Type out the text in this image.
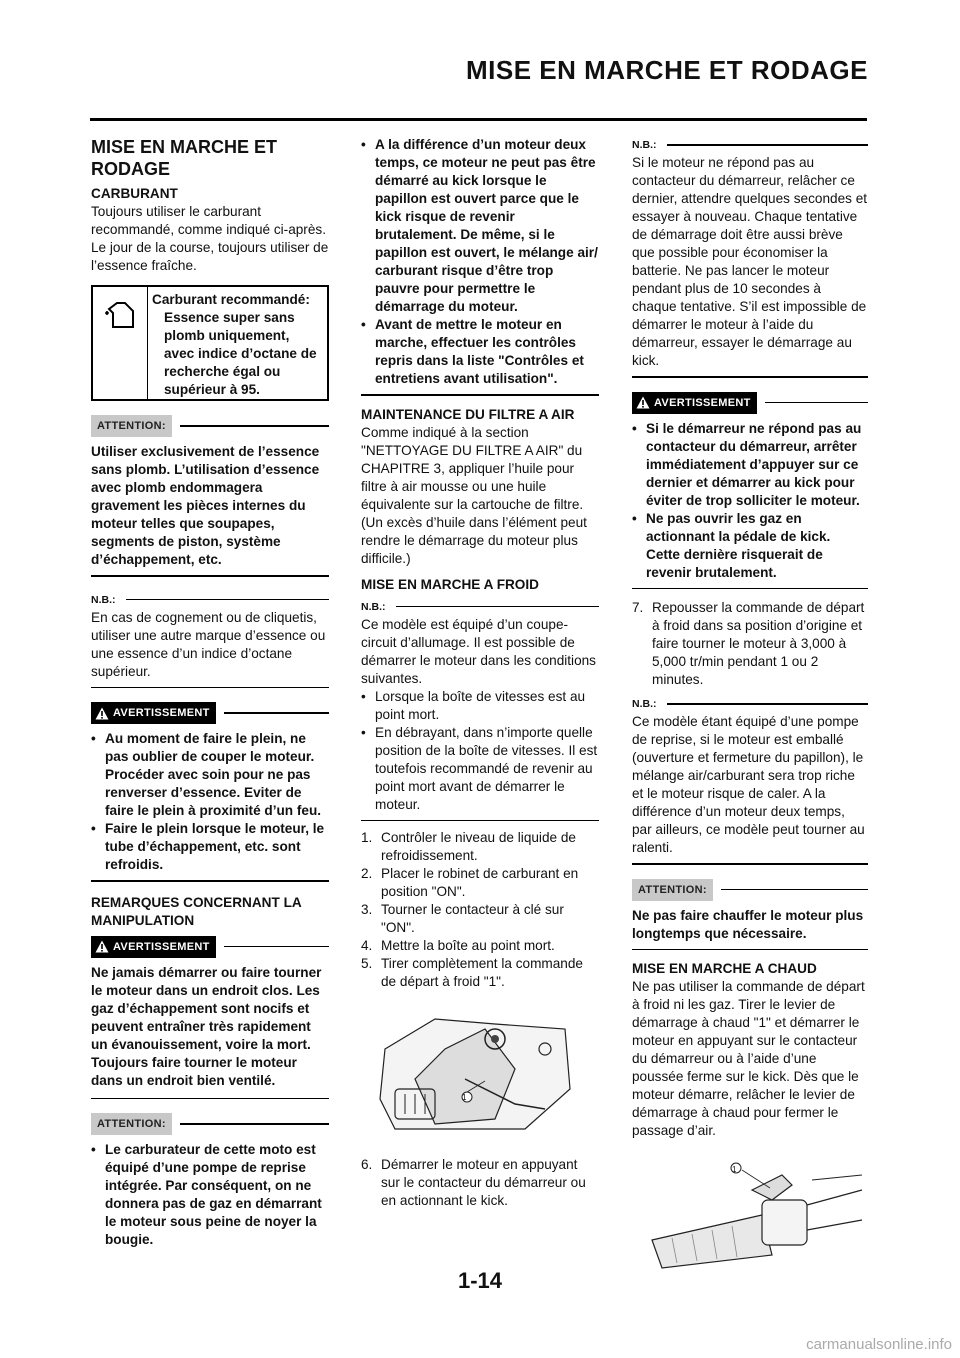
MISE EN MARCHE ET RODAGE

MISE EN MARCHE ET RODAGE

CARBURANT

Toujours utiliser le carburant recommandé, comme indiqué ci-après. Le jour de la course, toujours utiliser de l’essence fraîche.

Carburant recommandé:
Essence super sans plomb uniquement, avec indice d’octane de recherche égal ou supérieur à 95.
ATTENTION:

Utiliser exclusivement de l’essence sans plomb. L’utilisation d’essence avec plomb endommagera gravement les pièces internes du moteur telles que soupapes, segments de piston, système d’échappement, etc.

N.B.:

En cas de cognement ou de cliquetis, utiliser une autre marque d’essence ou une essence d’un indice d’octane supérieur.

AVERTISSEMENT
• Au moment de faire le plein, ne pas oublier de couper le moteur. Procéder avec soin pour ne pas renverser d’essence. Eviter de faire le plein à proximité d’un feu.
• Faire le plein lorsque le moteur, le tube d’échappement, etc. sont refroidis.

REMARQUES CONCERNANT LA MANIPULATION

AVERTISSEMENT

Ne jamais démarrer ou faire tourner le moteur dans un endroit clos. Les gaz d’échappement sont nocifs et peuvent entraîner très rapidement un évanouissement, voire la mort. Toujours faire tourner le moteur dans un endroit bien ventilé.

ATTENTION:
• Le carburateur de cette moto est équipé d’une pompe de reprise intégrée. Par conséquent, on ne donnera pas de gaz en démarrant le moteur sous peine de noyer la bougie.
• A la différence d’un moteur deux temps, ce moteur ne peut pas être démarré au kick lorsque le papillon est ouvert parce que le kick risque de revenir brutalement. De même, si le papillon est ouvert, le mélange air/ carburant risque d’être trop pauvre pour permettre le démarrage du moteur.
• Avant de mettre le moteur en marche, effectuer les contrôles repris dans la liste "Contrôles et entretiens avant utilisation".

MAINTENANCE DU FILTRE A AIR

Comme indiqué à la section "NETTOYAGE DU FILTRE A AIR" du CHAPITRE 3, appliquer l’huile pour filtre à air mousse ou une huile équivalente sur la cartouche de filtre. (Un excès d’huile dans l’élément peut rendre le démarrage du moteur plus difficile.)

MISE EN MARCHE A FROID

N.B.:

Ce modèle est équipé d’un coupe-circuit d’allumage. Il est possible de démarrer le moteur dans les conditions suivantes.

• Lorsque la boîte de vitesses est au point mort.
• En débrayant, dans n’importe quelle position de la boîte de vitesses. Il est toutefois recommandé de revenir au point mort avant de démarrer le moteur.
1. Contrôler le niveau de liquide de refroidissement.
2. Placer le robinet de carburant en position "ON".
3. Tourner le contacteur à clé sur "ON".
4. Mettre la boîte au point mort.
5. Tirer complètement la commande de départ à froid "1".
1
6. Démarrer le moteur en appuyant sur le contacteur du démarreur ou en actionnant le kick.
N.B.:

Si le moteur ne répond pas au contacteur du démarreur, relâcher ce dernier, attendre quelques secondes et essayer à nouveau. Chaque tentative de démarrage doit être aussi brève que possible pour économiser la batterie. Ne pas lancer le moteur pendant plus de 10 secondes à chaque tentative. S’il est impossible de démarrer le moteur à l’aide du démarreur, essayer le démarrage au kick.

AVERTISSEMENT
• Si le démarreur ne répond pas au contacteur du démarreur, arrêter immédiatement d’appuyer sur ce dernier et démarrer au kick pour éviter de trop solliciter le moteur.
• Ne pas ouvrir les gaz en actionnant la pédale de kick. Cette dernière risquerait de revenir brutalement.
7. Repousser la commande de départ à froid dans sa position d’origine et faire tourner le moteur à 3,000 à 5,000 tr/min pendant 1 ou 2 minutes.
N.B.:

Ce modèle étant équipé d’une pompe de reprise, si le moteur est emballé (ouverture et fermeture du papillon), le mélange air/carburant sera trop riche et le moteur risque de caler. A la différence d’un moteur deux temps, par ailleurs, ce modèle peut tourner au ralenti.

ATTENTION:

Ne pas faire chauffer le moteur plus longtemps que nécessaire.

MISE EN MARCHE A CHAUD

Ne pas utiliser la commande de départ à froid ni les gaz. Tirer le levier de démarrage à chaud "1" et démarrer le moteur en appuyant sur le contacteur du démarreur ou à l’aide d’une poussée ferme sur le kick. Dès que le moteur démarre, relâcher le levier de démarrage à chaud pour fermer le passage d’air.

1
1-14
carmanualsonline.info
